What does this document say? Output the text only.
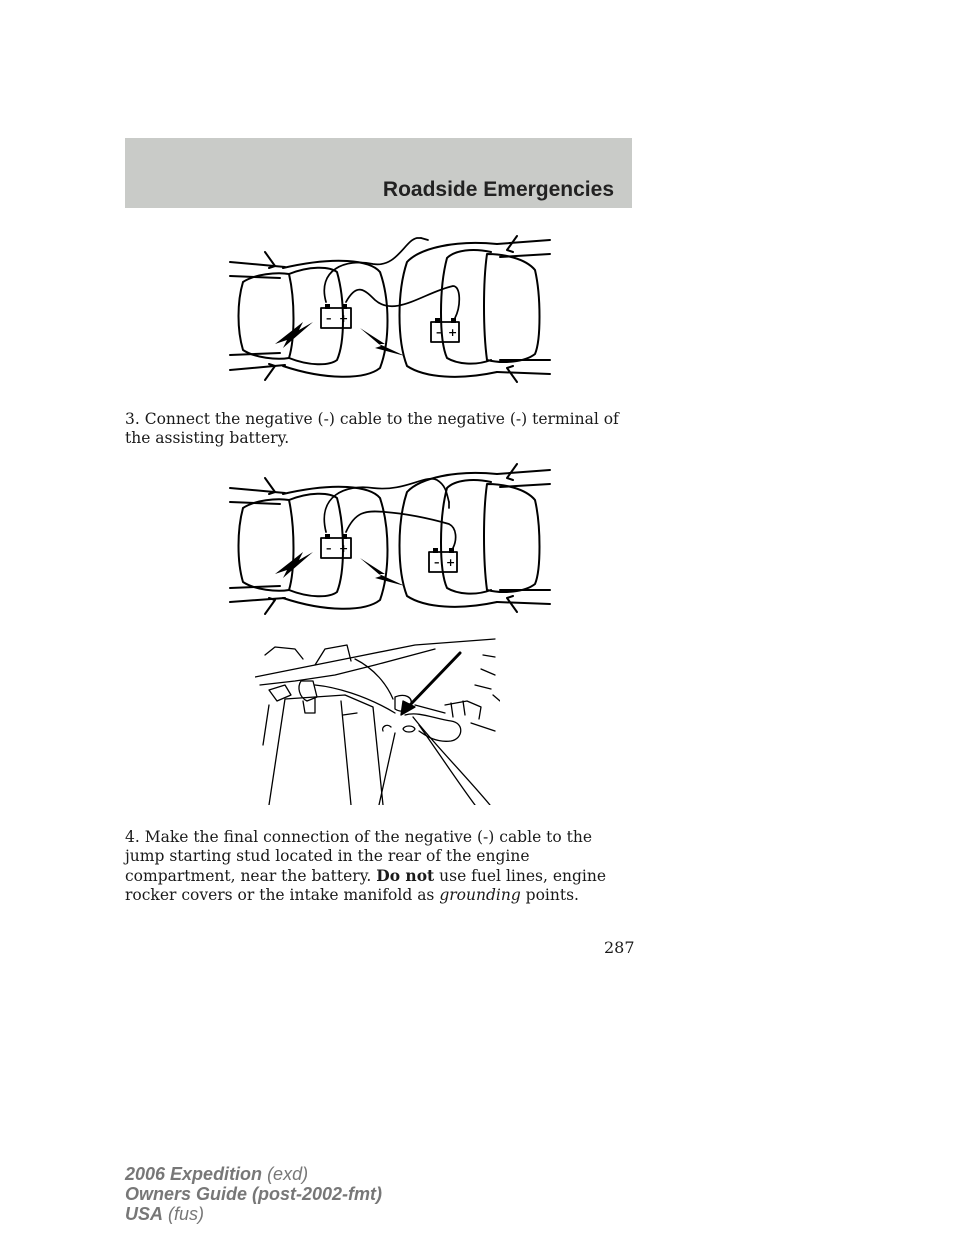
Roadside Emergencies
– +
– +
3. Connect the negative (-) cable to the negative (-) terminal of the assisting battery.
– +
– +
4. Make the final connection of the negative (-) cable to the jump starting stud located in the rear of the engine compartment, near the battery. Do not use fuel lines, engine rocker covers or the intake manifold as grounding points.
287
2006 Expedition (exd)
Owners Guide (post-2002-fmt)
USA (fus)
